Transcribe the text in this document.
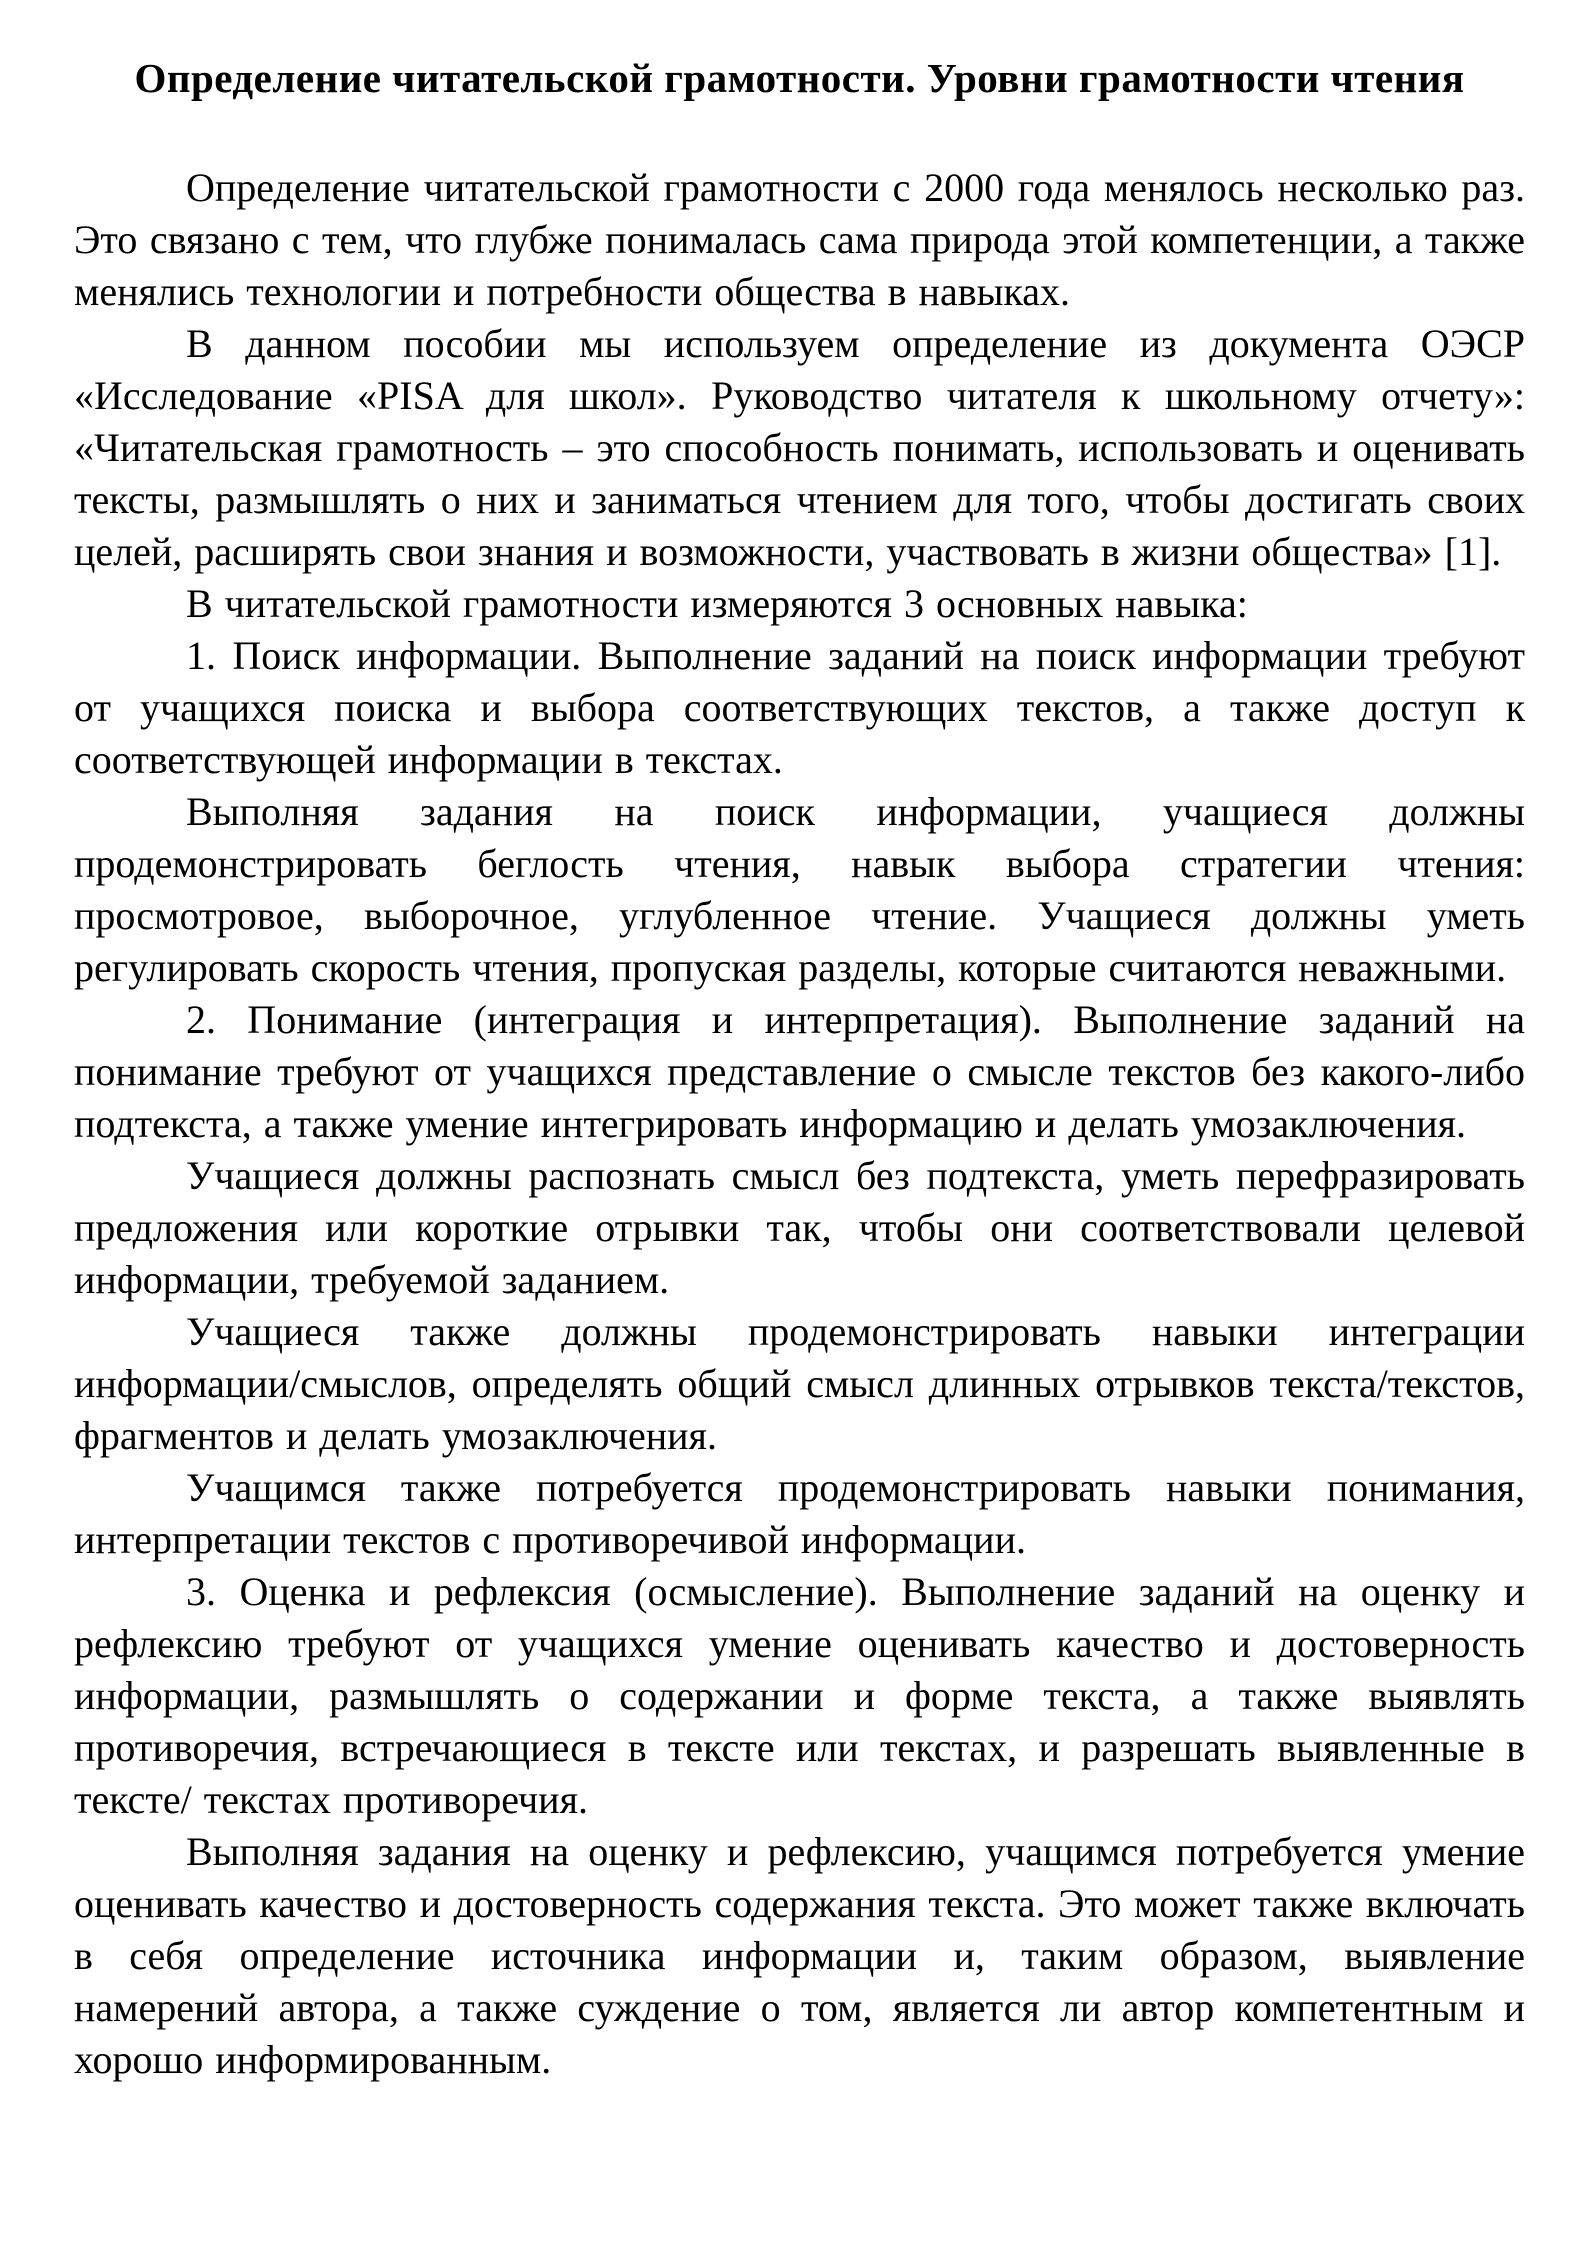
Определение читательской грамотности. Уровни грамотности чтения

Определение читательской грамотности с 2000 года менялось несколько раз. Это связано с тем, что глубже понималась сама природа этой компетенции, а также менялись технологии и потребности общества в навыках.

В данном пособии мы используем определение из документа ОЭСР «Исследование «PISA для школ». Руководство читателя к школьному отчету»: «Читательская грамотность – это способность понимать, использовать и оценивать тексты, размышлять о них и заниматься чтением для того, чтобы достигать своих целей, расширять свои знания и возможности, участвовать в жизни общества» [1].

В читательской грамотности измеряются 3 основных навыка:

1. Поиск информации. Выполнение заданий на поиск информации требуют от учащихся поиска и выбора соответствующих текстов, а также доступ к соответствующей информации в текстах.

Выполняя задания на поиск информации, учащиеся должны продемонстрировать беглость чтения, навык выбора стратегии чтения: просмотровое, выборочное, углубленное чтение. Учащиеся должны уметь регулировать скорость чтения, пропуская разделы, которые считаются неважными.

2. Понимание (интеграция и интерпретация). Выполнение заданий на понимание требуют от учащихся представление о смысле текстов без какого-либо подтекста, а также умение интегрировать информацию и делать умозаключения.

Учащиеся должны распознать смысл без подтекста, уметь перефразировать предложения или короткие отрывки так, чтобы они соответствовали целевой информации, требуемой заданием.

Учащиеся также должны продемонстрировать навыки интеграции информации/смыслов, определять общий смысл длинных отрывков текста/текстов, фрагментов и делать умозаключения.

Учащимся также потребуется продемонстрировать навыки понимания, интерпретации текстов с противоречивой информации.

3. Оценка и рефлексия (осмысление). Выполнение заданий на оценку и рефлексию требуют от учащихся умение оценивать качество и достоверность информации, размышлять о содержании и форме текста, а также выявлять противоречия, встречающиеся в тексте или текстах, и разрешать выявленные в тексте/ текстах противоречия.

Выполняя задания на оценку и рефлексию, учащимся потребуется умение оценивать качество и достоверность содержания текста. Это может также включать в себя определение источника информации и, таким образом, выявление намерений автора, а также суждение о том, является ли автор компетентным и хорошо информированным.
